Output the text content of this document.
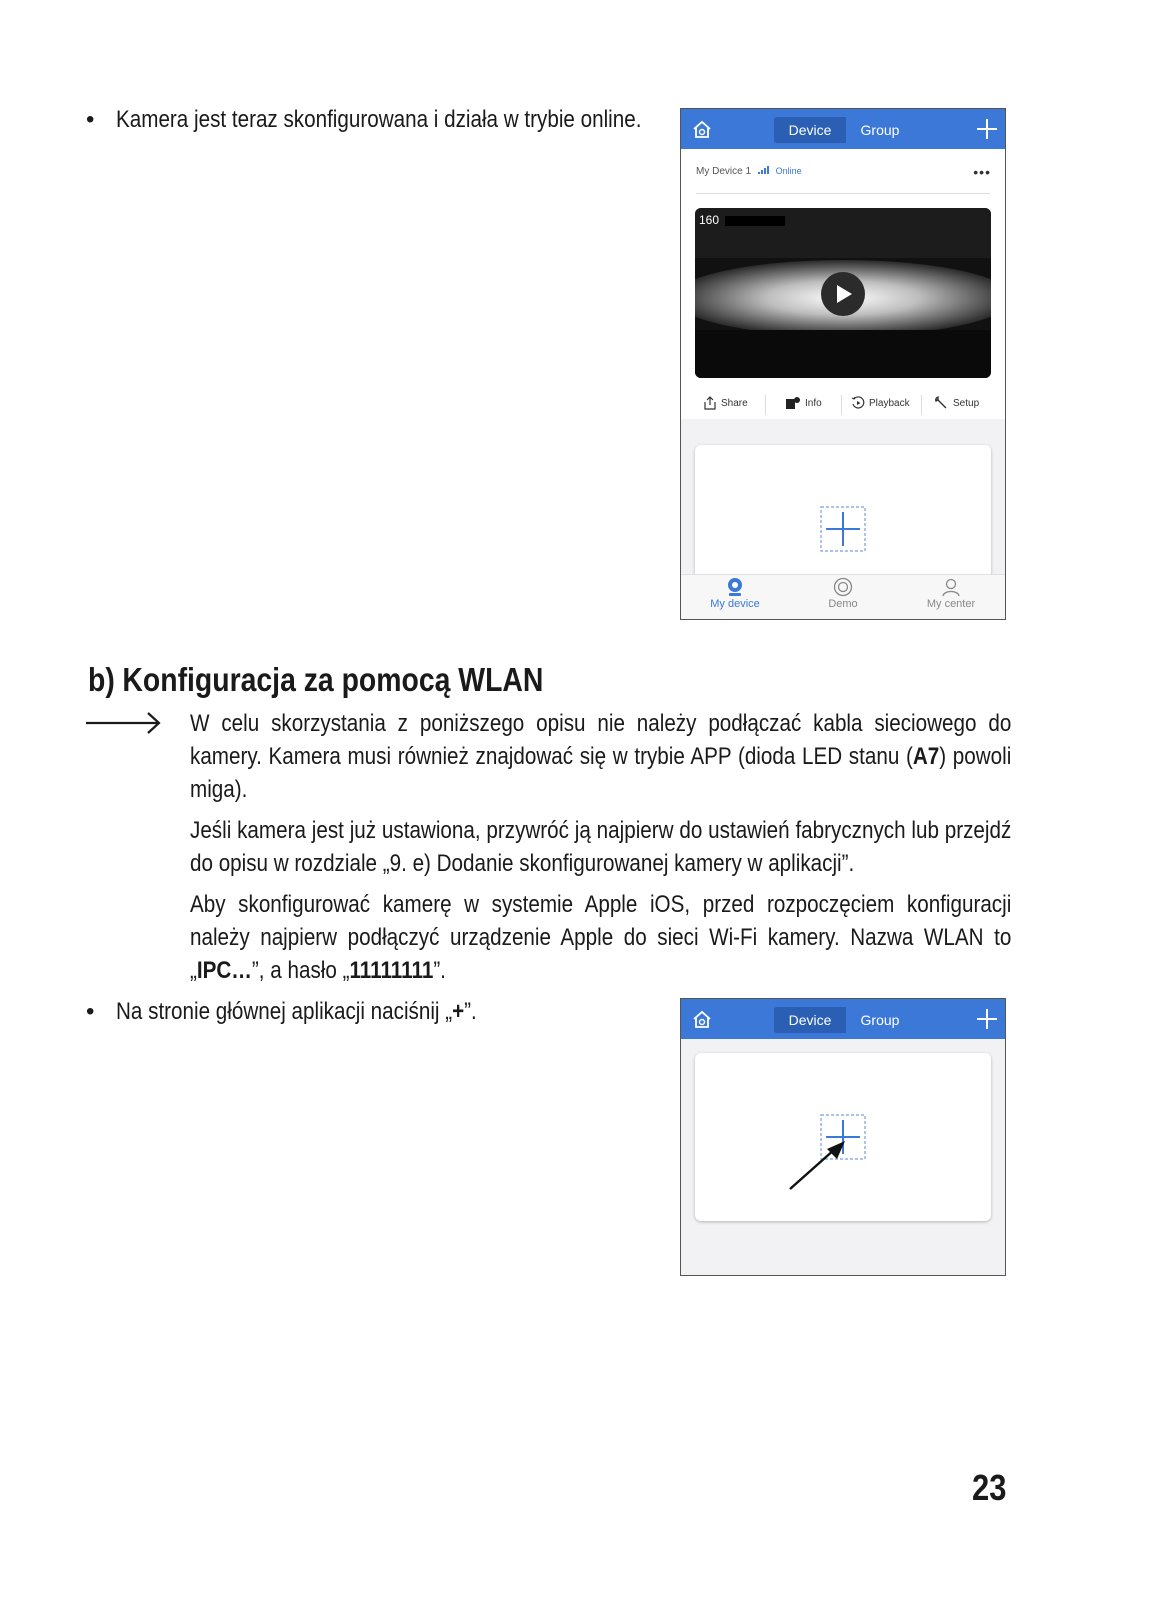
• Kamera jest teraz skonfigurowana i działa w trybie online.	Device	Group
My Device 1	Online	•••
160
Share	Info	Playback	Setup
My device	Demo	My center
b) Konfiguracja za pomocą WLAN
W celu skorzystania z poniższego opisu nie należy podłączać kabla sieciowego do kamery. Kamera musi również znajdować się w trybie APP (dioda LED stanu (A7) powoli miga).
Jeśli kamera jest już ustawiona, przywróć ją najpierw do ustawień fabrycznych lub przejdź do opisu w rozdziale „9. e) Dodanie skonfigurowanej kamery w aplikacji”.
Aby skonfigurować kamerę w systemie Apple iOS, przed rozpoczęciem konfiguracji należy najpierw podłączyć urządzenie Apple do sieci Wi-Fi kamery. Nazwa WLAN to „IPC…”, a hasło „11111111”.
• Na stronie głównej aplikacji naciśnij „+”.	Device	Group
23
